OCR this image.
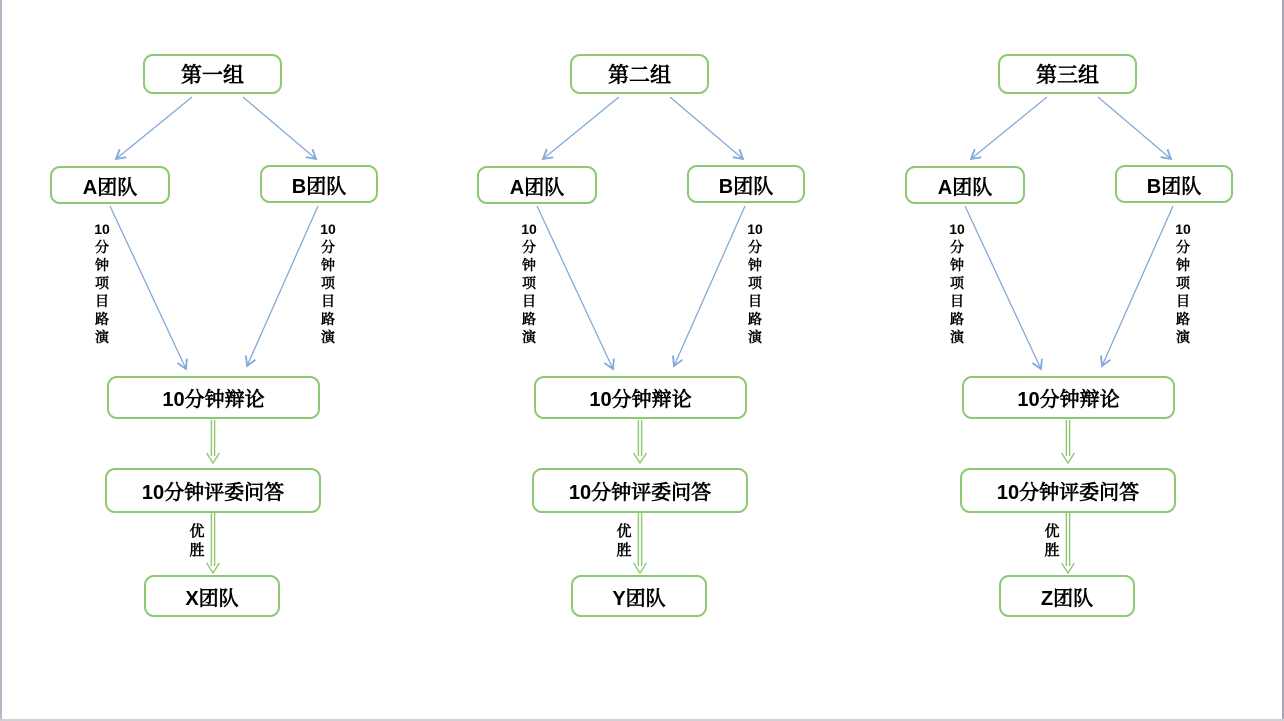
第一组
A团队	B团队
10分钟项目路演
10分钟项目路演
10分钟辩论
10分钟评委问答
优胜
X团队
第二组
A团队	B团队
10分钟项目路演
10分钟项目路演
10分钟辩论
10分钟评委问答
优胜
Y团队
第三组
A团队	B团队
10分钟项目路演
10分钟项目路演
10分钟辩论
10分钟评委问答
优胜
Z团队
